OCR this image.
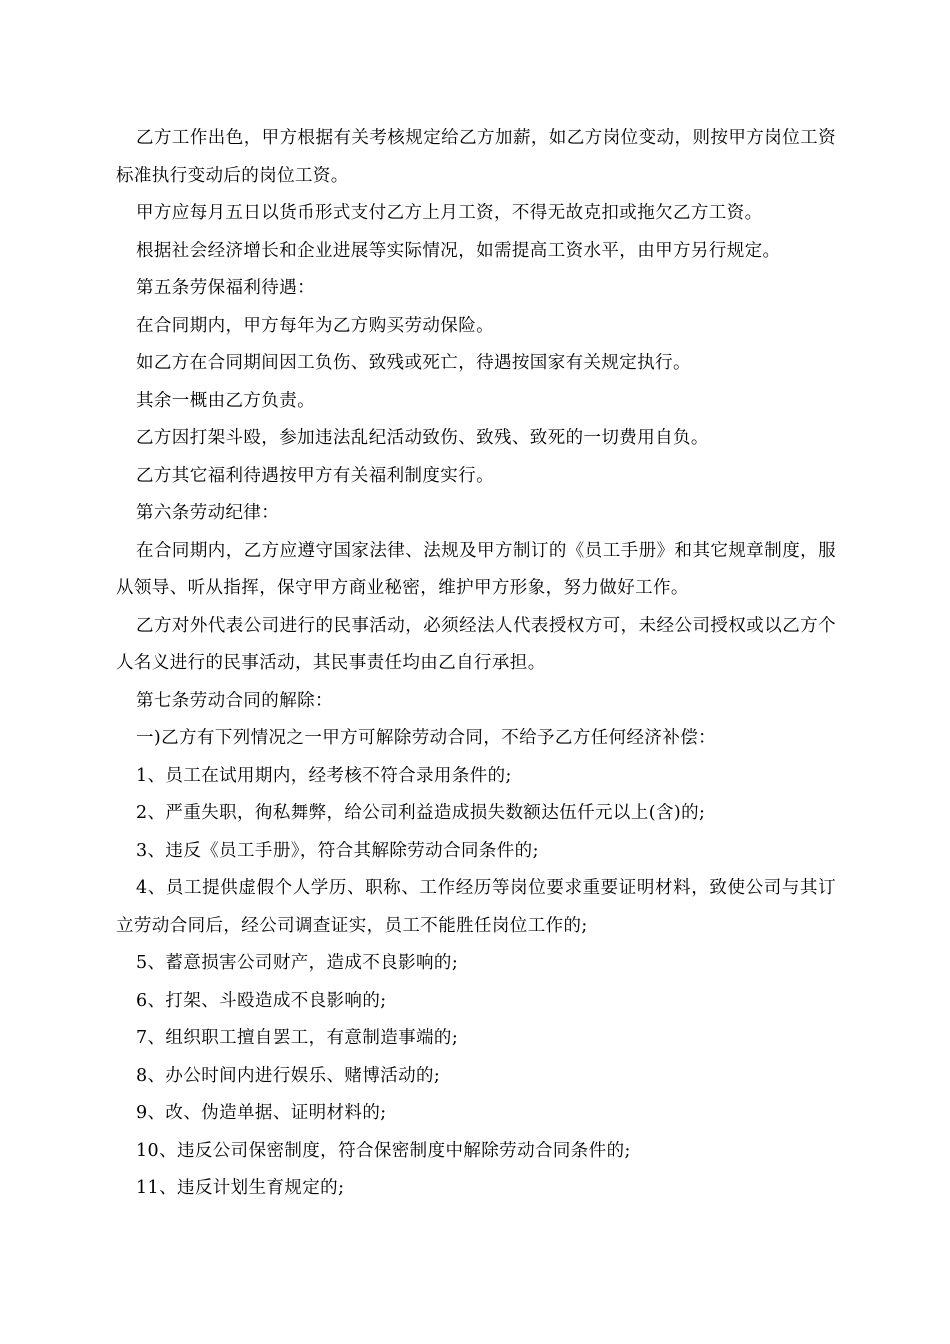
乙方工作出色，甲方根据有关考核规定给乙方加薪，如乙方岗位变动，则按甲方岗位工资标准执行变动后的岗位工资。

甲方应每月五日以货币形式支付乙方上月工资，不得无故克扣或拖欠乙方工资。

根据社会经济增长和企业进展等实际情况，如需提高工资水平，由甲方另行规定。

第五条劳保福利待遇：

在合同期内，甲方每年为乙方购买劳动保险。

如乙方在合同期间因工负伤、致残或死亡，待遇按国家有关规定执行。

其余一概由乙方负责。

乙方因打架斗殴，参加违法乱纪活动致伤、致残、致死的一切费用自负。

乙方其它福利待遇按甲方有关福利制度实行。

第六条劳动纪律：

在合同期内，乙方应遵守国家法律、法规及甲方制订的《员工手册》和其它规章制度，服从领导、听从指挥，保守甲方商业秘密，维护甲方形象，努力做好工作。

乙方对外代表公司进行的民事活动，必须经法人代表授权方可，未经公司授权或以乙方个人名义进行的民事活动，其民事责任均由乙自行承担。

第七条劳动合同的解除：

一)乙方有下列情况之一甲方可解除劳动合同，不给予乙方任何经济补偿：

1、员工在试用期内，经考核不符合录用条件的;

2、严重失职，徇私舞弊，给公司利益造成损失数额达伍仟元以上(含)的;

3、违反《员工手册》，符合其解除劳动合同条件的;

4、员工提供虚假个人学历、职称、工作经历等岗位要求重要证明材料，致使公司与其订立劳动合同后，经公司调查证实，员工不能胜任岗位工作的;

5、蓄意损害公司财产，造成不良影响的;

6、打架、斗殴造成不良影响的;

7、组织职工擅自罢工，有意制造事端的;

8、办公时间内进行娱乐、赌博活动的;

9、改、伪造单据、证明材料的;

10、违反公司保密制度，符合保密制度中解除劳动合同条件的;

11、违反计划生育规定的;
